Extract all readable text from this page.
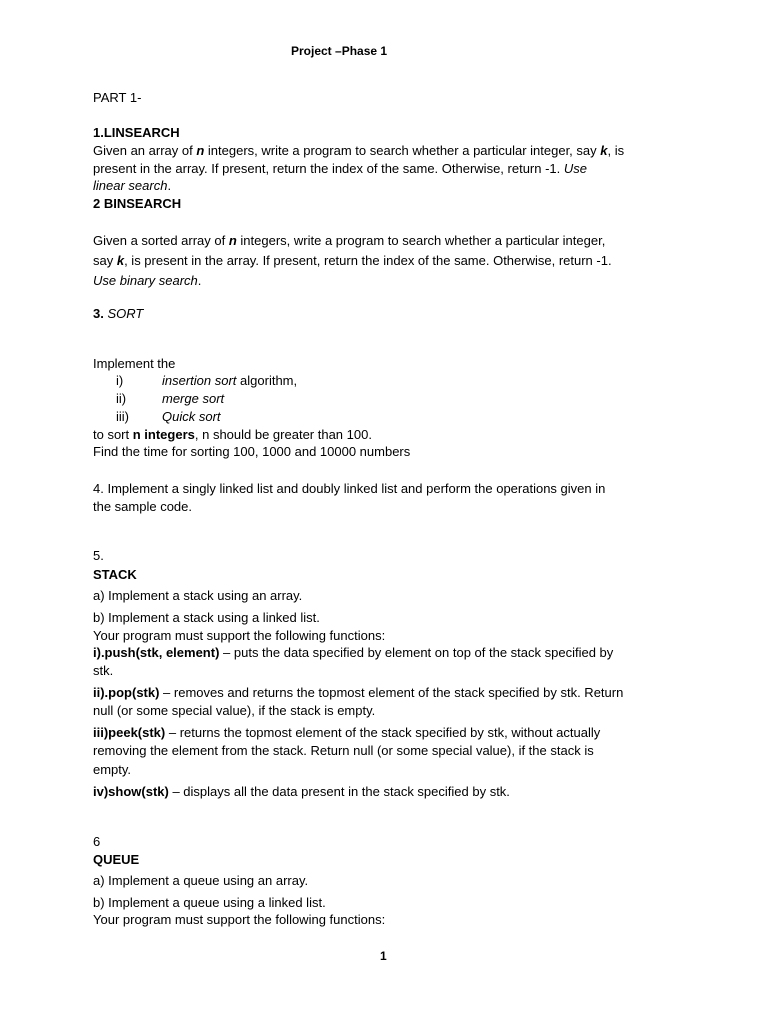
Project –Phase 1
PART 1-
1.LINSEARCH
Given an array of n integers, write a program to search whether a particular integer, say k, is
present in the array. If present, return the index of the same. Otherwise, return -1. Use
linear search.
2 BINSEARCH
Given a sorted array of n integers, write a program to search whether a particular integer,
say k, is present in the array. If present, return the index of the same. Otherwise, return -1.
Use binary search.
3. SORT
Implement the
i)	insertion sort algorithm,
ii)	merge sort
iii)	Quick sort
to sort n integers, n should be greater than 100.
Find the time for sorting 100, 1000 and 10000 numbers
4. Implement a singly linked list and doubly linked list and perform the operations given in
the sample code.
5.
STACK
a) Implement a stack using an array.
b) Implement a stack using a linked list.
Your program must support the following functions:
i).push(stk, element) – puts the data specified by element on top of the stack specified by
stk.
ii).pop(stk) – removes and returns the topmost element of the stack specified by stk. Return
null (or some special value), if the stack is empty.
iii)peek(stk) – returns the topmost element of the stack specified by stk, without actually
removing the element from the stack. Return null (or some special value), if the stack is
empty.
iv)show(stk) – displays all the data present in the stack specified by stk.
6
QUEUE
a) Implement a queue using an array.
b) Implement a queue using a linked list.
Your program must support the following functions:
1
